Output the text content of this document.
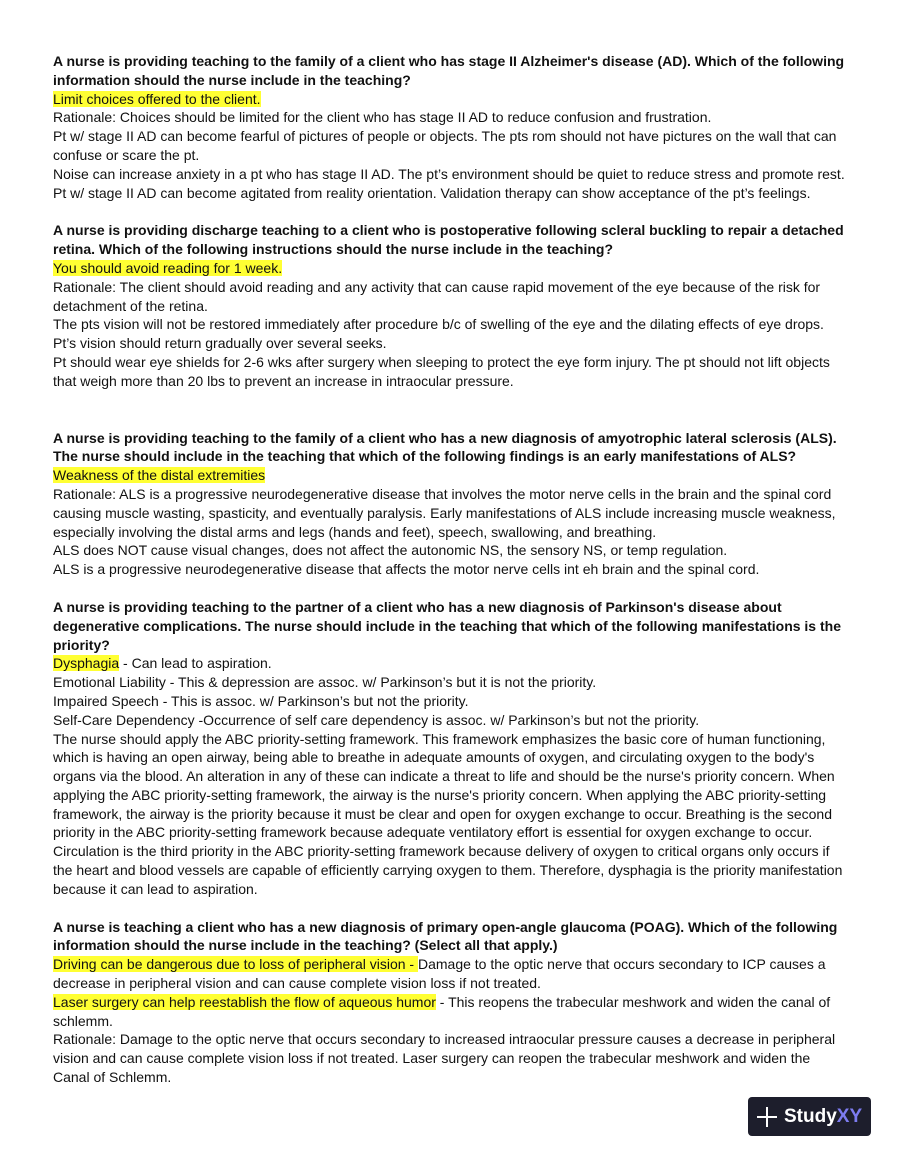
A nurse is providing teaching to the family of a client who has stage II Alzheimer's disease (AD). Which of the following information should the nurse include in the teaching?

Limit choices offered to the client.

Rationale: Choices should be limited for the client who has stage II AD to reduce confusion and frustration.

Pt w/ stage II AD can become fearful of pictures of people or objects. The pts rom should not have pictures on the wall that can confuse or scare the pt.

Noise can increase anxiety in a pt who has stage II AD. The pt’s environment should be quiet to reduce stress and promote rest.

Pt w/ stage II AD can become agitated from reality orientation. Validation therapy can show acceptance of the pt’s feelings.

A nurse is providing discharge teaching to a client who is postoperative following scleral buckling to repair a detached retina. Which of the following instructions should the nurse include in the teaching?

You should avoid reading for 1 week.

Rationale: The client should avoid reading and any activity that can cause rapid movement of the eye because of the risk for detachment of the retina.

The pts vision will not be restored immediately after procedure b/c of swelling of the eye and the dilating effects of eye drops. Pt’s vision should return gradually over several seeks.

Pt should wear eye shields for 2-6 wks after surgery when sleeping to protect the eye form injury. The pt should not lift objects that weigh more than 20 lbs to prevent an increase in intraocular pressure.

A nurse is providing teaching to the family of a client who has a new diagnosis of amyotrophic lateral sclerosis (ALS). The nurse should include in the teaching that which of the following findings is an early manifestations of ALS?

Weakness of the distal extremities

Rationale: ALS is a progressive neurodegenerative disease that involves the motor nerve cells in the brain and the spinal cord causing muscle wasting, spasticity, and eventually paralysis. Early manifestations of ALS include increasing muscle weakness, especially involving the distal arms and legs (hands and feet), speech, swallowing, and breathing.

ALS does NOT cause visual changes, does not affect the autonomic NS, the sensory NS, or temp regulation.

ALS is a progressive neurodegenerative disease that affects the motor nerve cells int eh brain and the spinal cord.

A nurse is providing teaching to the partner of a client who has a new diagnosis of Parkinson's disease about degenerative complications. The nurse should include in the teaching that which of the following manifestations is the priority?

Dysphagia - Can lead to aspiration.

Emotional Liability - This & depression are assoc. w/ Parkinson’s but it is not the priority.

Impaired Speech - This is assoc. w/ Parkinson’s but not the priority.

Self-Care Dependency -Occurrence of self care dependency is assoc. w/ Parkinson’s but not the priority.

The nurse should apply the ABC priority-setting framework. This framework emphasizes the basic core of human functioning, which is having an open airway, being able to breathe in adequate amounts of oxygen, and circulating oxygen to the body's organs via the blood. An alteration in any of these can indicate a threat to life and should be the nurse's priority concern. When applying the ABC priority-setting framework, the airway is the nurse's priority concern. When applying the ABC priority-setting framework, the airway is the priority because it must be clear and open for oxygen exchange to occur. Breathing is the second priority in the ABC priority-setting framework because adequate ventilatory effort is essential for oxygen exchange to occur. Circulation is the third priority in the ABC priority-setting framework because delivery of oxygen to critical organs only occurs if the heart and blood vessels are capable of efficiently carrying oxygen to them. Therefore, dysphagia is the priority manifestation because it can lead to aspiration.

A nurse is teaching a client who has a new diagnosis of primary open-angle glaucoma (POAG). Which of the following information should the nurse include in the teaching? (Select all that apply.)

Driving can be dangerous due to loss of peripheral vision - Damage to the optic nerve that occurs secondary to ICP causes a decrease in peripheral vision and can cause complete vision loss if not treated.

Laser surgery can help reestablish the flow of aqueous humor - This reopens the trabecular meshwork and widen the canal of schlemm.

Rationale: Damage to the optic nerve that occurs secondary to increased intraocular pressure causes a decrease in peripheral vision and can cause complete vision loss if not treated. Laser surgery can reopen the trabecular meshwork and widen the Canal of Schlemm.

StudyXY
